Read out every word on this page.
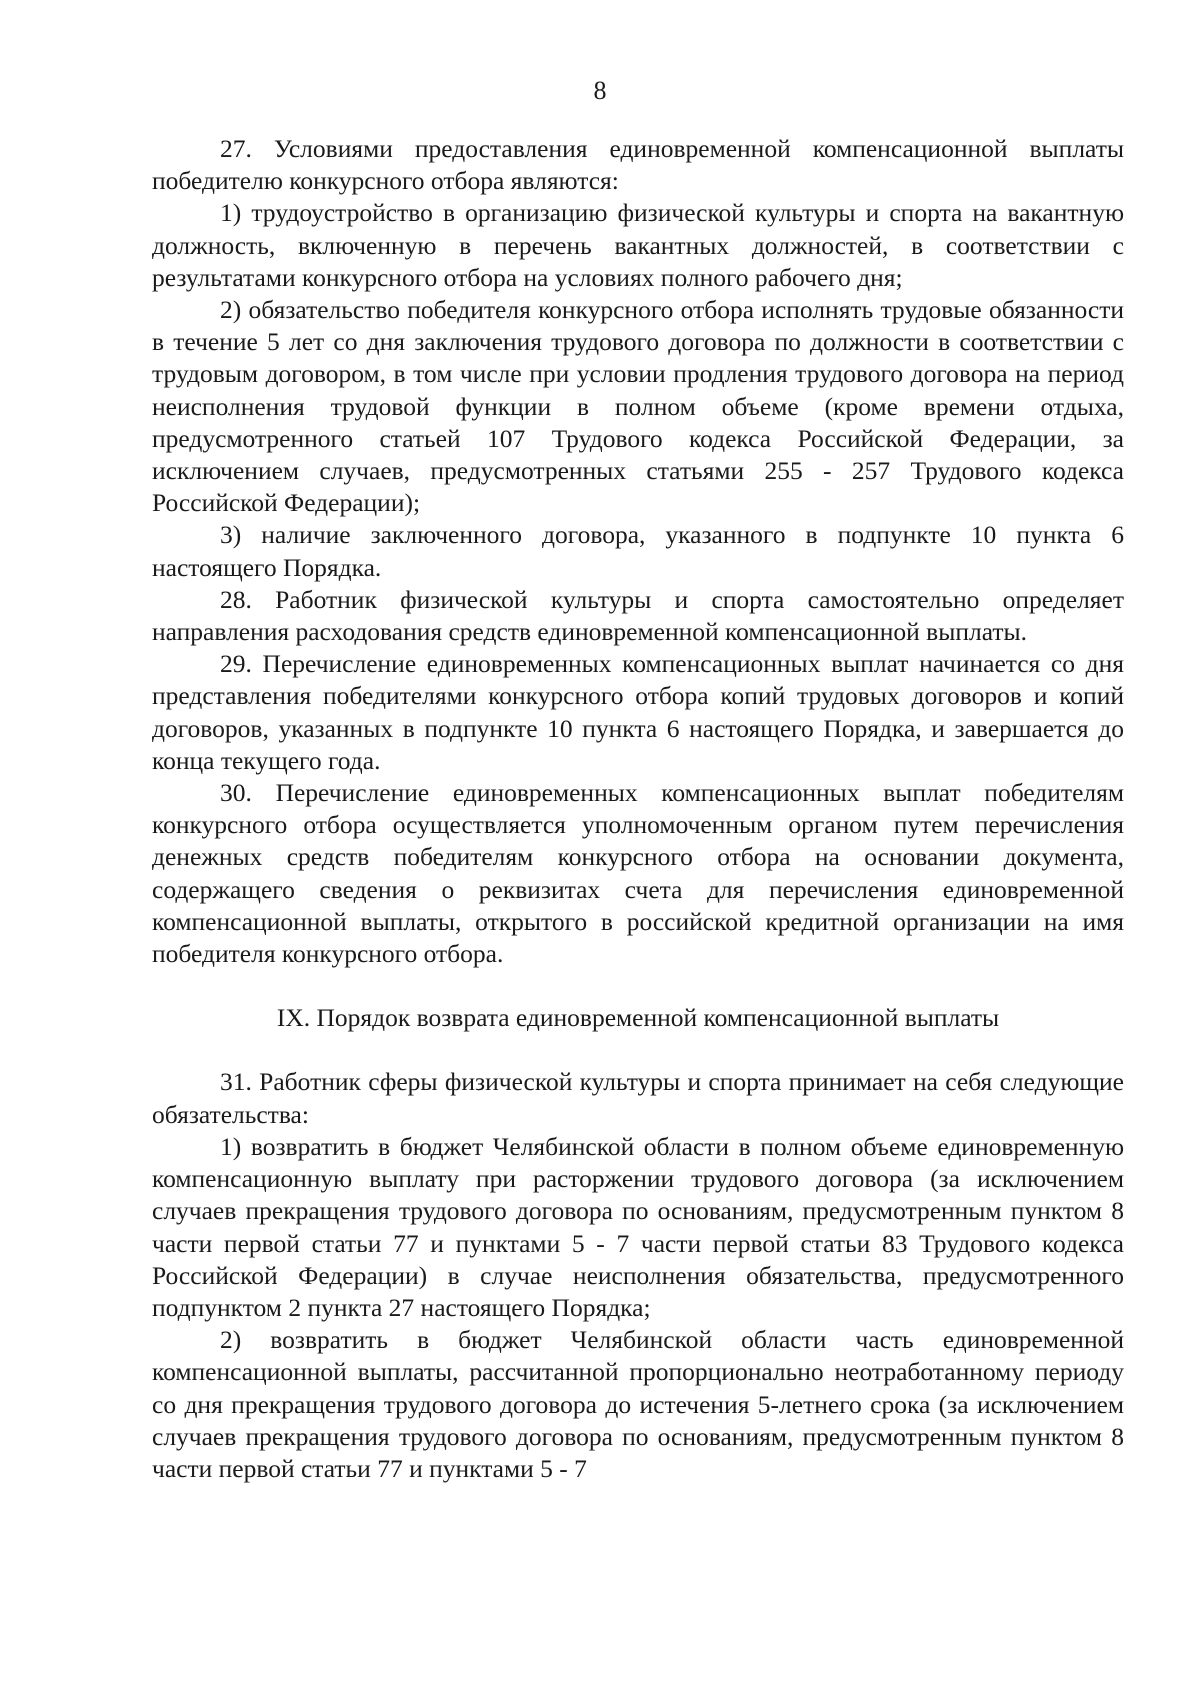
8

27. Условиями предоставления единовременной компенсационной выплаты победителю конкурсного отбора являются:

1) трудоустройство в организацию физической культуры и спорта на вакантную должность, включенную в перечень вакантных должностей, в соответствии с результатами конкурсного отбора на условиях полного рабочего дня;

2) обязательство победителя конкурсного отбора исполнять трудовые обязанности в течение 5 лет со дня заключения трудового договора по должности в соответствии с трудовым договором, в том числе при условии продления трудового договора на период неисполнения трудовой функции в полном объеме (кроме времени отдыха, предусмотренного статьей 107 Трудового кодекса Российской Федерации, за исключением случаев, предусмотренных статьями 255 - 257 Трудового кодекса Российской Федерации);

3) наличие заключенного договора, указанного в подпункте 10 пункта 6 настоящего Порядка.

28. Работник физической культуры и спорта самостоятельно определяет направления расходования средств единовременной компенсационной выплаты.

29. Перечисление единовременных компенсационных выплат начинается со дня представления победителями конкурсного отбора копий трудовых договоров и копий договоров, указанных в подпункте 10 пункта 6 настоящего Порядка, и завершается до конца текущего года.

30. Перечисление единовременных компенсационных выплат победителям конкурсного отбора осуществляется уполномоченным органом путем перечисления денежных средств победителям конкурсного отбора на основании документа, содержащего сведения о реквизитах счета для перечисления единовременной компенсационной выплаты, открытого в российской кредитной организации на имя победителя конкурсного отбора.

IX. Порядок возврата единовременной компенсационной выплаты

31. Работник сферы физической культуры и спорта принимает на себя следующие обязательства:

1) возвратить в бюджет Челябинской области в полном объеме единовременную компенсационную выплату при расторжении трудового договора (за исключением случаев прекращения трудового договора по основаниям, предусмотренным пунктом 8 части первой статьи 77 и пунктами 5 - 7 части первой статьи 83 Трудового кодекса Российской Федерации) в случае неисполнения обязательства, предусмотренного подпунктом 2 пункта 27 настоящего Порядка;

2) возвратить в бюджет Челябинской области часть единовременной компенсационной выплаты, рассчитанной пропорционально неотработанному периоду со дня прекращения трудового договора до истечения 5-летнего срока (за исключением случаев прекращения трудового договора по основаниям, предусмотренным пунктом 8 части первой статьи 77 и пунктами 5 - 7
